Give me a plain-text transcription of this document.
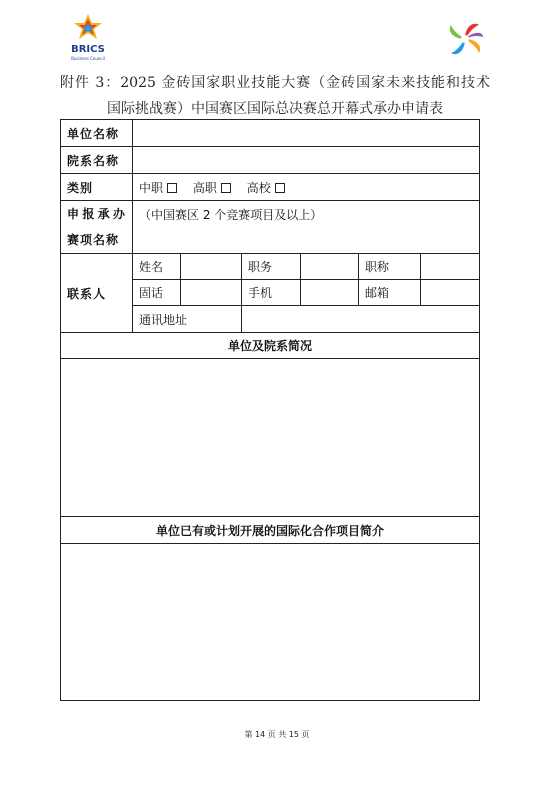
BRICS
Business Council
附件 3：2025 金砖国家职业技能大赛（金砖国家未来技能和技术
国际挑战赛）中国赛区国际总决赛总开幕式承办申请表
单位名称						
院系名称						
类别	中职 高职 高校					

申报承办
赛项名称	（中国赛区 2 个竞赛项目及以上）					
联系人	姓名		职务		职称	
	固话		手机		邮箱	
	通讯地址					
单位及院系简况						

单位已有或计划开展的国际化合作项目简介						

第 14 页 共 15 页
